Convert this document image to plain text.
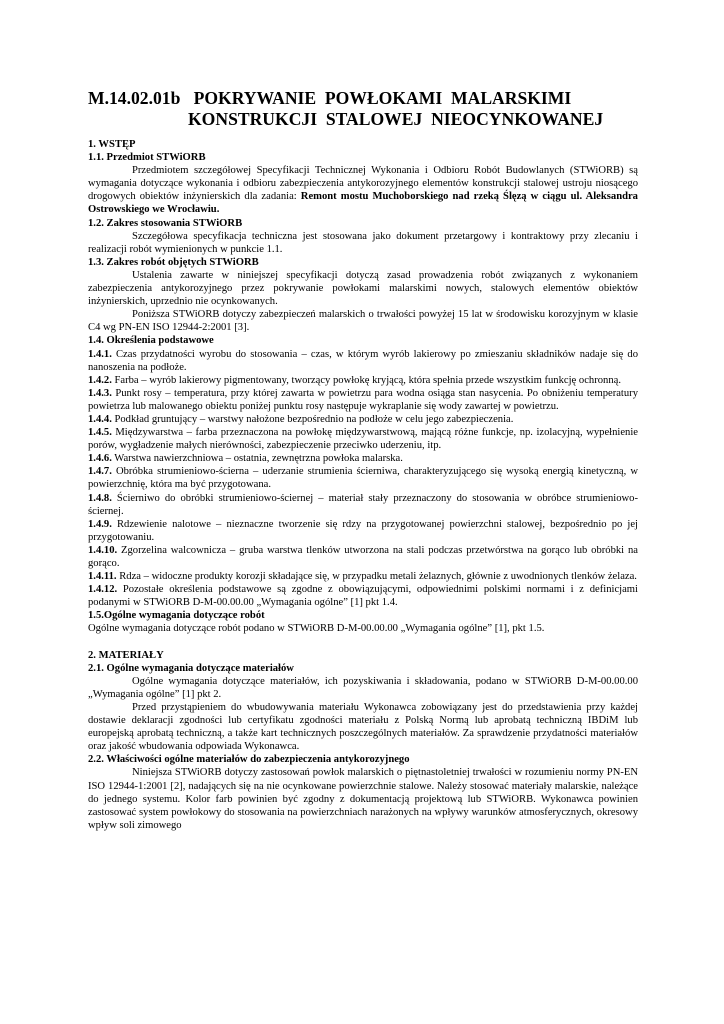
M.14.02.01b POKRYWANIE  POWŁOKAMI  MALARSKIMI
KONSTRUKCJI  STALOWEJ  NIEOCYNKOWANEJ

1. WSTĘP

1.1. Przedmiot STWiORB

Przedmiotem szczegółowej Specyfikacji Technicznej Wykonania i Odbioru Robót Budowlanych (STWiORB) są wymagania dotyczące wykonania i odbioru zabezpieczenia antykorozyjnego elementów konstrukcji stalowej ustroju niosącego drogowych obiektów inżynierskich dla zadania: Remont mostu Muchoborskiego nad rzeką Ślęzą w ciągu ul. Aleksandra Ostrowskiego we Wrocławiu.

1.2. Zakres stosowania STWiORB

Szczegółowa specyfikacja techniczna jest stosowana jako dokument przetargowy i kontraktowy przy zlecaniu i realizacji robót wymienionych w punkcie 1.1.

1.3. Zakres robót objętych STWiORB

Ustalenia zawarte w niniejszej specyfikacji dotyczą zasad prowadzenia robót związanych z wykonaniem zabezpieczenia antykorozyjnego przez pokrywanie powłokami malarskimi nowych, stalowych elementów obiektów inżynierskich, uprzednio nie ocynkowanych.

Poniższa STWiORB dotyczy zabezpieczeń malarskich o trwałości powyżej 15 lat w środowisku korozyjnym w klasie C4 wg PN-EN ISO 12944-2:2001 [3].

1.4. Określenia podstawowe

1.4.1. Czas przydatności wyrobu do stosowania – czas, w którym wyrób lakierowy po zmieszaniu składników nadaje się do nanoszenia na podłoże.

1.4.2. Farba – wyrób lakierowy pigmentowany, tworzący powłokę kryjącą, która spełnia przede wszystkim funkcję ochronną.

1.4.3. Punkt rosy – temperatura, przy której zawarta w powietrzu para wodna osiąga stan nasycenia. Po obniżeniu temperatury powietrza lub malowanego obiektu poniżej punktu rosy następuje wykraplanie się wody zawartej w powietrzu.

1.4.4. Podkład gruntujący – warstwy nałożone bezpośrednio na podłoże w celu jego zabezpieczenia.

1.4.5. Międzywarstwa – farba przeznaczona na powłokę międzywarstwową, mającą różne funkcje, np. izolacyjną, wypełnienie porów, wygładzenie małych nierówności, zabezpieczenie przeciwko uderzeniu, itp.

1.4.6. Warstwa nawierzchniowa – ostatnia, zewnętrzna powłoka malarska.

1.4.7. Obróbka strumieniowo-ścierna – uderzanie strumienia ścierniwa, charakteryzującego się wysoką energią kinetyczną, w powierzchnię, która ma być przygotowana.

1.4.8. Ścierniwo do obróbki strumieniowo-ściernej – materiał stały przeznaczony do stosowania w obróbce strumieniowo-ściernej.

1.4.9. Rdzewienie nalotowe – nieznaczne tworzenie się rdzy na przygotowanej powierzchni stalowej, bezpośrednio po jej przygotowaniu.

1.4.10. Zgorzelina walcownicza – gruba warstwa tlenków utworzona na stali podczas przetwórstwa na gorąco lub obróbki na gorąco.

1.4.11. Rdza – widoczne produkty korozji składające się, w przypadku metali żelaznych, głównie z uwodnionych tlenków żelaza.

1.4.12. Pozostałe określenia podstawowe są zgodne z obowiązującymi, odpowiednimi polskimi normami i z definicjami podanymi w STWiORB D-M-00.00.00 „Wymagania ogólne” [1] pkt 1.4.

1.5.Ogólne wymagania dotyczące robót

Ogólne wymagania dotyczące robót podano w STWiORB D-M-00.00.00 „Wymagania ogólne” [1], pkt 1.5.

2. MATERIAŁY

2.1. Ogólne wymagania dotyczące materiałów

Ogólne wymagania dotyczące materiałów, ich pozyskiwania i składowania, podano w STWiORB D-M-00.00.00 „Wymagania ogólne” [1] pkt 2.

Przed przystąpieniem do wbudowywania materiału Wykonawca zobowiązany jest do przedstawienia przy każdej dostawie deklaracji zgodności lub certyfikatu zgodności materiału z Polską Normą lub aprobatą techniczną IBDiM lub europejską aprobatą techniczną, a także kart technicznych poszczególnych materiałów. Za sprawdzenie przydatności materiałów oraz jakość wbudowania odpowiada Wykonawca.

2.2. Właściwości ogólne materiałów do zabezpieczenia antykorozyjnego

Niniejsza STWiORB dotyczy zastosowań powłok malarskich o piętnastoletniej trwałości w rozumieniu normy PN-EN ISO 12944-1:2001 [2], nadających się na nie ocynkowane powierzchnie stalowe. Należy stosować materiały malarskie, należące do jednego systemu. Kolor farb powinien być zgodny z dokumentacją projektową lub STWiORB. Wykonawca powinien zastosować system powłokowy do stosowania na powierzchniach narażonych na wpływy warunków atmosferycznych, okresowy wpływ soli zimowego
